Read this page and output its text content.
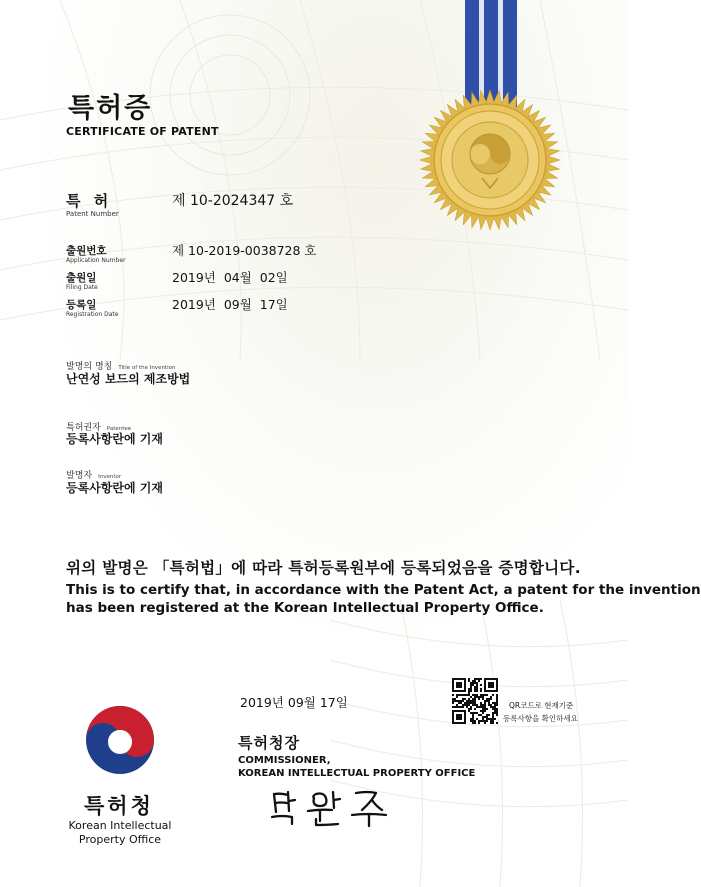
특허증
CERTIFICATE OF PATENT
특 허
Patent Number
제 10-2024347 호
출원번호
Application Number
제 10-2019-0038728 호
출원일
Filing Date
2019년  04월  02일
등록일
Registration Date
2019년  09월  17일
발명의 명칭 Title of the Invention
난연성 보드의 제조방법
특허권자 Patentee
등록사항란에 기재
발명자 Inventor
등록사항란에 기재
위의 발명은 「특허법」에 따라 특허등록원부에 등록되었음을 증명합니다.
This is to certify that, in accordance with the Patent Act, a patent for the invention
has been registered at the Korean Intellectual Property Office.
2019년 09월 17일	QR코드로 현재기준
등록사항을 확인하세요
특허청장
COMMISSIONER,
KOREAN INTELLECTUAL PROPERTY OFFICE
특허청
Korean Intellectual
Property Office
